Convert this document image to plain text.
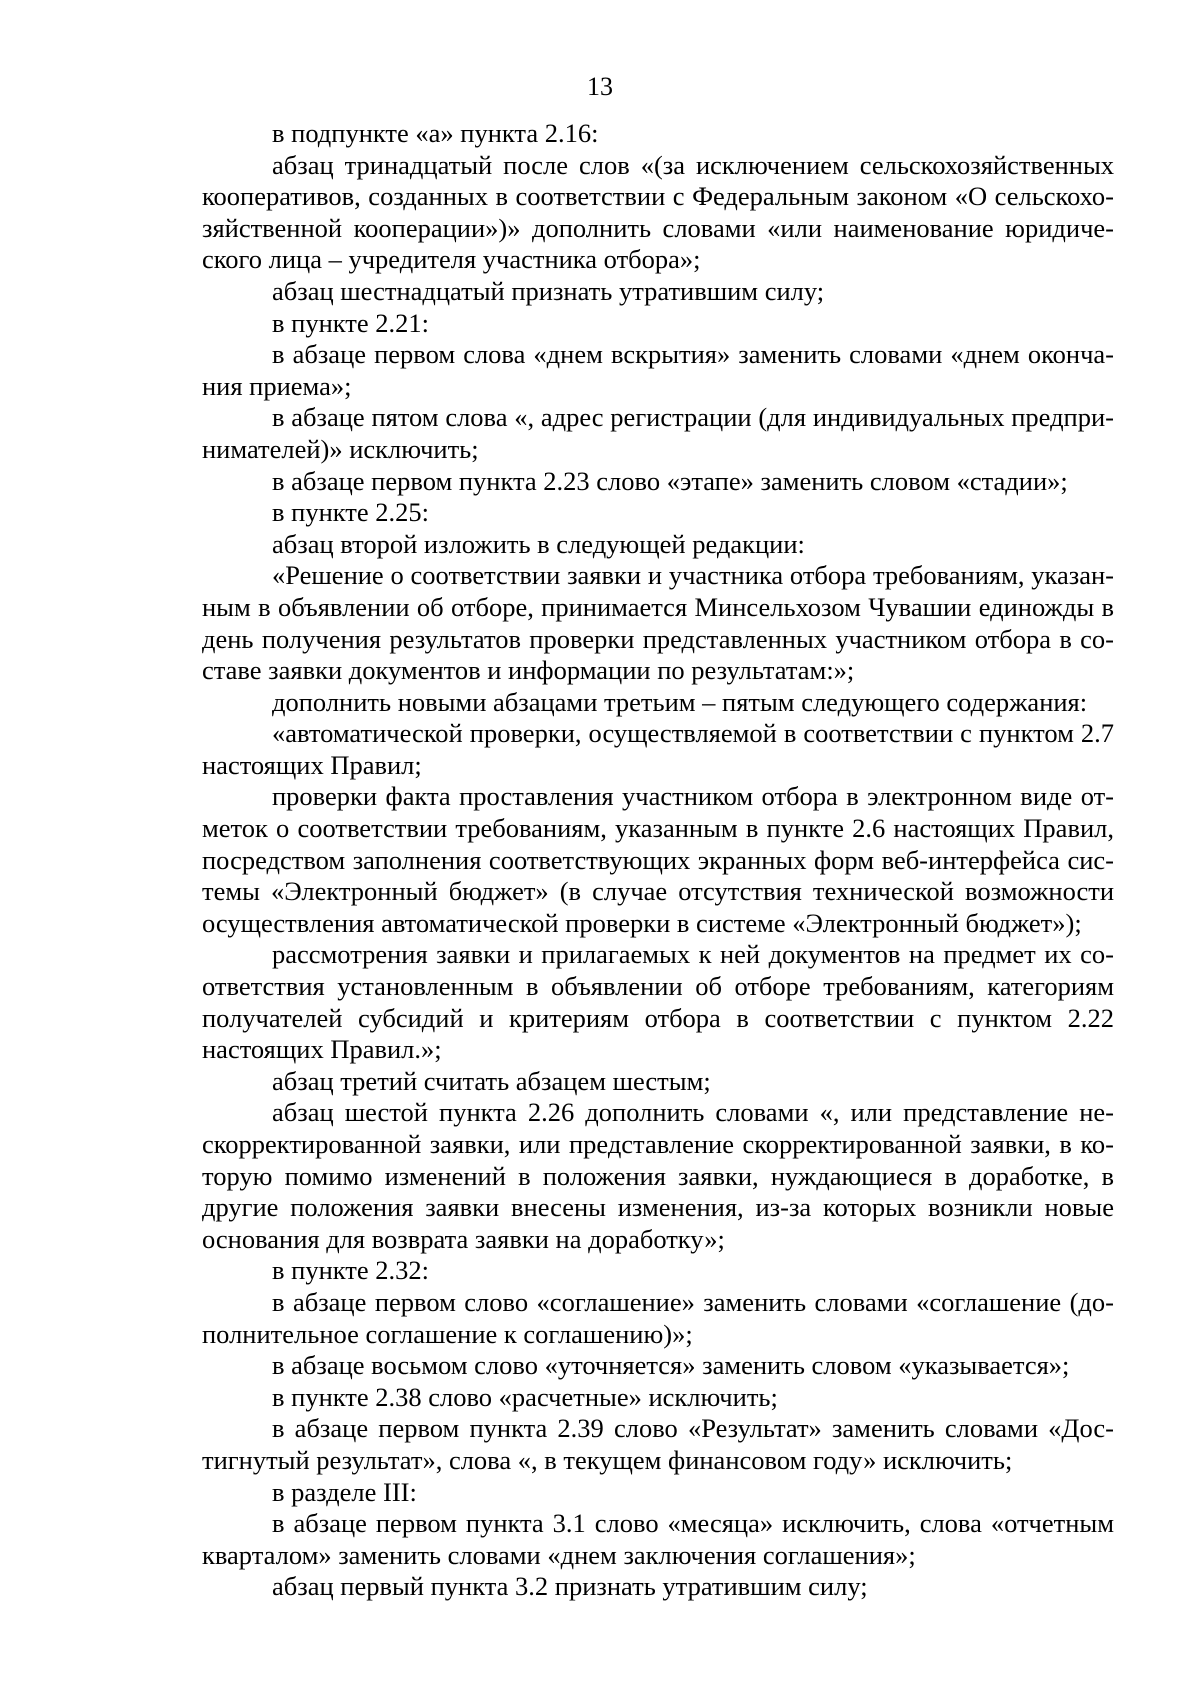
13

в подпункте «а» пункта 2.16:

абзац тринадцатый после слов «(за исключением сельскохозяйственных кооперативов, созданных в соответствии с Федеральным законом «О сельскохозяйственной кооперации»)» дополнить словами «или наименование юридического лица – учредителя участника отбора»;

абзац шестнадцатый признать утратившим силу;

в пункте 2.21:

в абзаце первом слова «днем вскрытия» заменить словами «днем окончания приема»;

в абзаце пятом слова «, адрес регистрации (для индивидуальных предпринимателей)» исключить;

в абзаце первом пункта 2.23 слово «этапе» заменить словом «стадии»;

в пункте 2.25:

абзац второй изложить в следующей редакции:

«Решение о соответствии заявки и участника отбора требованиям, указанным в объявлении об отборе, принимается Минсельхозом Чувашии единожды в день получения результатов проверки представленных участником отбора в составе заявки документов и информации по результатам:»;

дополнить новыми абзацами третьим – пятым следующего содержания:

«автоматической проверки, осуществляемой в соответствии с пунктом 2.7 настоящих Правил;

проверки факта проставления участником отбора в электронном виде отметок о соответствии требованиям, указанным в пункте 2.6 настоящих Правил, посредством заполнения соответствующих экранных форм веб-интерфейса системы «Электронный бюджет» (в случае отсутствия технической возможности осуществления автоматической проверки в системе «Электронный бюджет»);

рассмотрения заявки и прилагаемых к ней документов на предмет их соответствия установленным в объявлении об отборе требованиям, категориям получателей субсидий и критериям отбора в соответствии с пунктом 2.22 настоящих Правил.»;

абзац третий считать абзацем шестым;

абзац шестой пункта 2.26 дополнить словами «, или представление нескорректированной заявки, или представление скорректированной заявки, в которую помимо изменений в положения заявки, нуждающиеся в доработке, в другие положения заявки внесены изменения, из-за которых возникли новые основания для возврата заявки на доработку»;

в пункте 2.32:

в абзаце первом слово «соглашение» заменить словами «соглашение (дополнительное соглашение к соглашению)»;

в абзаце восьмом слово «уточняется» заменить словом «указывается»;

в пункте 2.38 слово «расчетные» исключить;

в абзаце первом пункта 2.39 слово «Результат» заменить словами «Достигнутый результат», слова «, в текущем финансовом году» исключить;

в разделе III:

в абзаце первом пункта 3.1 слово «месяца» исключить, слова «отчетным кварталом» заменить словами «днем заключения соглашения»;

абзац первый пункта 3.2 признать утратившим силу;
